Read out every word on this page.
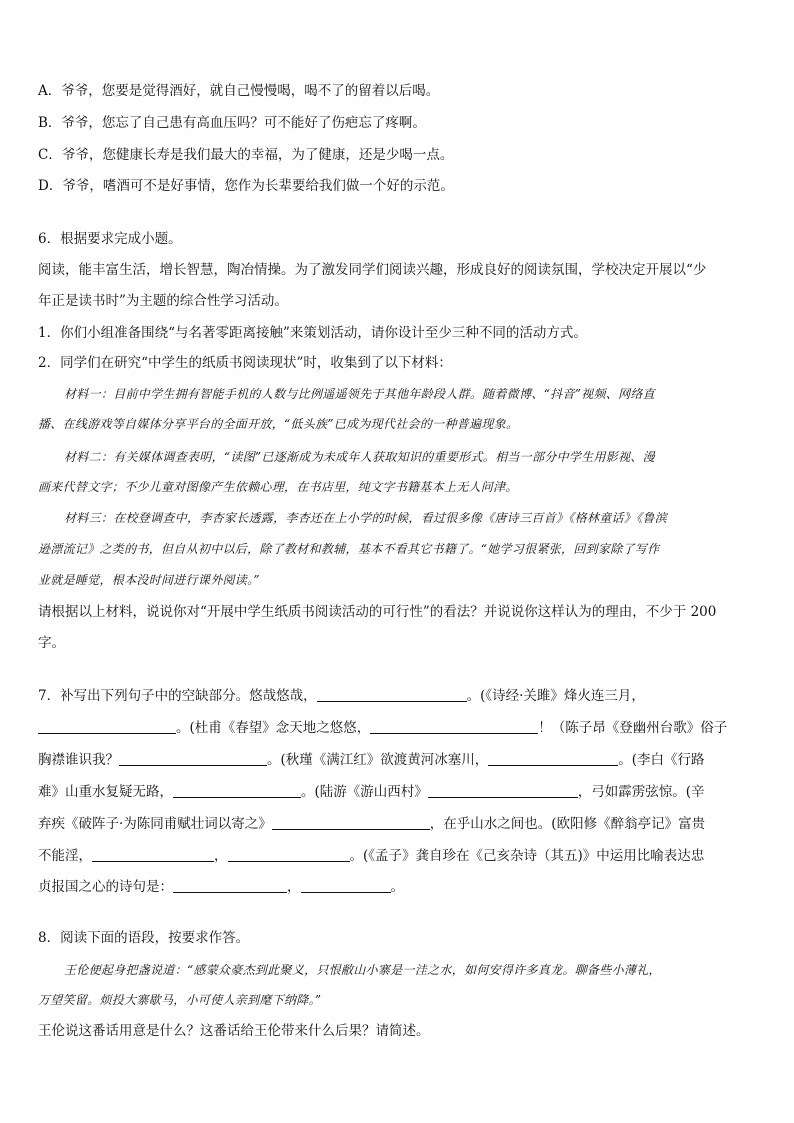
A．爷爷，您要是觉得酒好，就自己慢慢喝，喝不了的留着以后喝。
B．爷爷，您忘了自己患有高血压吗？可不能好了伤疤忘了疼啊。
C．爷爷，您健康长寿是我们最大的幸福，为了健康，还是少喝一点。
D．爷爷，嗜酒可不是好事情，您作为长辈要给我们做一个好的示范。
6．根据要求完成小题。
阅读，能丰富生活，增长智慧，陶冶情操。为了激发同学们阅读兴趣，形成良好的阅读氛围，学校决定开展以“少
年正是读书时”为主题的综合性学习活动。
1．你们小组准备围绕“与名著零距离接触”来策划活动，请你设计至少三种不同的活动方式。
2．同学们在研究“中学生的纸质书阅读现状”时，收集到了以下材料：
材料一：目前中学生拥有智能手机的人数与比例遥遥领先于其他年龄段人群。随着微博、“抖音”视频、网络直
播、在线游戏等自媒体分享平台的全面开放，“低头族”已成为现代社会的一种普遍现象。
材料二：有关媒体调查表明，“读图”已逐渐成为未成年人获取知识的重要形式。相当一部分中学生用影视、漫
画来代替文字；不少儿童对图像产生依赖心理，在书店里，纯文字书籍基本上无人问津。
材料三：在校登调查中，李杏家长透露，李杏还在上小学的时候，看过很多像《唐诗三百首》《格林童话》《鲁滨
逊漂流记》之类的书，但自从初中以后，除了教材和教辅，基本不看其它书籍了。“她学习很紧张，回到家除了写作
业就是睡觉，根本没时间进行课外阅读。”
请根据以上材料，说说你对“开展中学生纸质书阅读活动的可行性”的看法？并说说你这样认为的理由，不少于 200
字。
7．补写出下列句子中的空缺部分。悠哉悠哉，	。(《诗经·关雎》烽火连三月，
。(杜甫《春望》念天地之悠悠，	！（陈子昂《登幽州台歌》俗子
胸襟谁识我？	。(秋瑾《满江红》欲渡黄河冰塞川，	。(李白《行路
难》山重水复疑无路，	。(陆游《游山西村》	，弓如霹雳弦惊。(辛
弃疾《破阵子·为陈同甫赋壮词以寄之》	，在乎山水之间也。(欧阳修《醉翁亭记》富贵
不能淫，	，	。(《孟子》龚自珍在《己亥杂诗（其五)》中运用比喻表达忠
贞报国之心的诗句是：	，	。
8．阅读下面的语段，按要求作答。
王伦便起身把盏说道：“感蒙众豪杰到此聚义，只恨敝山小寨是一洼之水，如何安得许多真龙。聊备些小薄礼，
万望笑留。烦投大寨歇马，小可使人亲到麾下纳降。”
王伦说这番话用意是什么？这番话给王伦带来什么后果？请简述。
